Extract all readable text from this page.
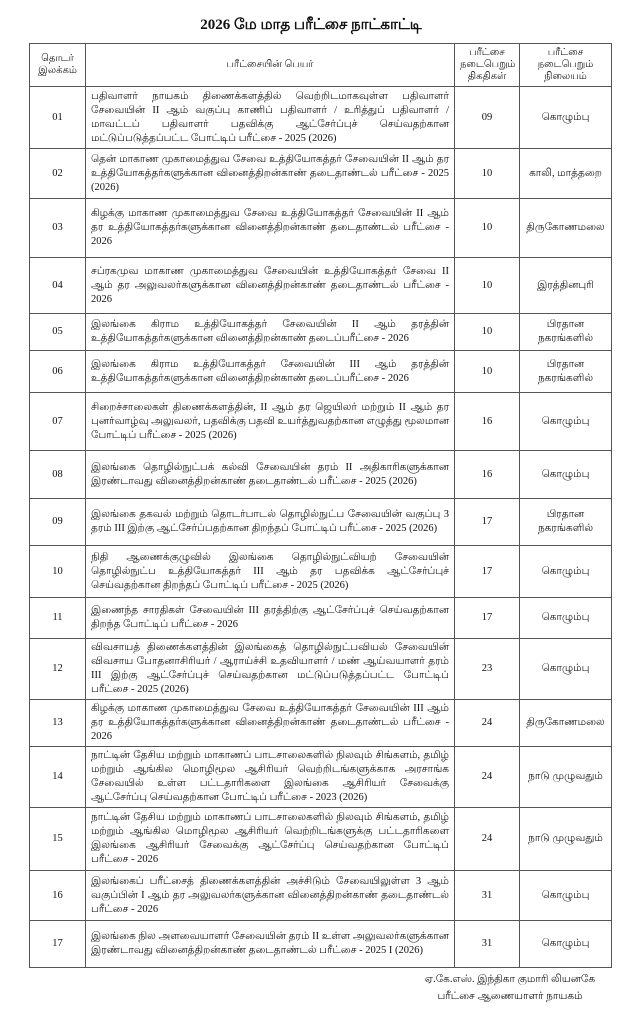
2026 மே மாத பரீட்சை நாட்காட்டி
தொடர் இலக்கம்	பரீட்சையின் பெயர்	பரீட்சை நடைபெறும் திகதிகள்	பரீட்சை நடைபெறும் நிலையம்
01	பதிவாளர் நாயகம் திணைக்களத்தில் வெற்றிடமாகவுள்ள பதிவாளர் சேவையின் II ஆம் வகுப்பு காணிப் பதிவாளர் / உரித்துப் பதிவாளர் / மாவட்டப் பதிவாளர் பதவிக்கு ஆட்சேர்ப்புச் செய்வதற்கான மட்டுப்படுத்தப்பட்ட போட்டிப் பரீட்சை - 2025 (2026)	09	கொழும்பு
02	தென் மாகாண முகாமைத்துவ சேவை உத்தியோகத்தர் சேவையின் II ஆம் தர உத்தியோகத்தர்களுக்கான வினைத்திறன்காண் தடைதாண்டல் பரீட்சை - 2025 (2026)	10	காலி, மாத்தறை
03	கிழக்கு மாகாண முகாமைத்துவ சேவை உத்தியோகத்தர் சேவையின் II ஆம் தர உத்தியோகத்தர்களுக்கான வினைத்திறன்காண் தடைதாண்டல் பரீட்சை - 2026	10	திருகோணமலை
04	சப்ரகமுவ மாகாண முகாமைத்துவ சேவையின் உத்தியோகத்தர் சேவை II ஆம் தர அலுவலர்களுக்கான வினைத்திறன்காண் தடைதாண்டல் பரீட்சை - 2026	10	இரத்தினபுரி
05	இலங்கை கிராம உத்தியோகத்தர் சேவையின் II ஆம் தரத்தின் உத்தியோகத்தர்களுக்கான வினைத்திறன்காண் தடைப்பரீட்சை - 2026	10	பிரதான நகரங்களில்
06	இலங்கை கிராம உத்தியோகத்தர் சேவையின் III ஆம் தரத்தின் உத்தியோகத்தர்களுக்கான வினைத்திறன்காண் தடைப்பரீட்சை - 2026	10	பிரதான நகரங்களில்
07	சிறைச்சாலைகள் திணைக்களத்தின், II ஆம் தர ஜெயிலர் மற்றும் II ஆம் தர புனர்வாழ்வு அலுவலர், பதவிக்கு பதவி உயர்த்துவதற்கான எழுத்து மூலமான போட்டிப் பரீட்சை - 2025 (2026)	16	கொழும்பு
08	இலங்கை தொழில்நுட்பக் கல்வி சேவையின் தரம் II அதிகாரிகளுக்கான இரண்டாவது வினைத்திறன்காண் தடைதாண்டல் பரீட்சை - 2025 (2026)	16	கொழும்பு
09	இலங்கை தகவல் மற்றும் தொடர்பாடல் தொழில்நுட்ப சேவையின் வகுப்பு 3 தரம் III இற்கு ஆட்சேர்ப்பதற்கான திறந்தப் போட்டிப் பரீட்சை - 2025 (2026)	17	பிரதான நகரங்களில்
10	நிதி ஆணைக்குழுவில் இலங்கை தொழில்நுட்வியற் சேவையின் தொழில்நுட்ப உத்தியோகத்தர் III ஆம் தர பதவிக்க ஆட்சேர்ப்புச் செய்வதற்கான திறந்தப் போட்டிப் பரீட்சை - 2025 (2026)	17	கொழும்பு
11	இணைந்த சாரதிகள் சேவையின் III தரத்திற்கு ஆட்சேர்ப்புச் செய்வதற்கான திறந்த போட்டிப் பரீட்சை - 2026	17	கொழும்பு
12	விவசாயத் திணைக்களத்தின் இலங்கைத் தொழில்நுட்பவியல் சேவையின் விவசாய போதனாசிரியர் / ஆராய்ச்சி உதவியாளர் / மண் ஆய்வயாளர் தரம் III இற்கு ஆட்சேர்ப்புச் செய்வதற்கான மட்டுப்படுத்தப்பட்ட போட்டிப் பரீட்சை - 2025 (2026)	23	கொழும்பு
13	கிழக்கு மாகாண முகாமைத்துவ சேவை உத்தியோகத்தர் சேவையின் III ஆம் தர உத்தியோகத்தர்களுக்கான வினைத்திறன்காண் தடைதாண்டல் பரீட்சை - 2026	24	திருகோணமலை
14	நாட்டின் தேசிய மற்றும் மாகாணப் பாடசாலைகளில் நிலவும் சிங்களம், தமிழ் மற்றும் ஆங்கில மொழிமூல ஆசிரியர் வெற்றிடங்களுக்காக அரசாங்க சேவையில் உள்ள பட்டதாரிகளை இலங்கை ஆசிரியர் சேவைக்கு ஆட்சேர்ப்பு செய்வதற்கான போட்டிப் பரீட்சை - 2023 (2026)	24	நாடு முழுவதும்
15	நாட்டின் தேசிய மற்றும் மாகாணப் பாடசாலைகளில் நிலவும் சிங்களம், தமிழ் மற்றும் ஆங்கில மொழிமூல ஆசிரியர் வெற்றிடங்களுக்கு பட்டதாரிகளை இலங்கை ஆசிரியர் சேவைக்கு ஆட்சேர்ப்பு செய்வதற்கான போட்டிப் பரீட்சை - 2026	24	நாடு முழுவதும்
16	இலங்கைப் பரீட்சைத் திணைக்களத்தின் அச்சிடும் சேவையிலுள்ள 3 ஆம் வகுப்பின் I ஆம் தர அலுவலர்களுக்கான வினைத்திறன்காண் தடைதாண்டல் பரீட்சை - 2026	31	கொழும்பு
17	இலங்கை நில அளவையாளர் சேவையின் தரம் II உள்ள அலுவலர்களுக்கான இரண்டாவது வினைத்திறன்காண் தடைதாண்டல் பரீட்சை - 2025 I (2026)	31	கொழும்பு
ஏ.கே.எஸ். இந்திகா குமாரி லியனகே
பரீட்சை ஆணையாளர் நாயகம்
